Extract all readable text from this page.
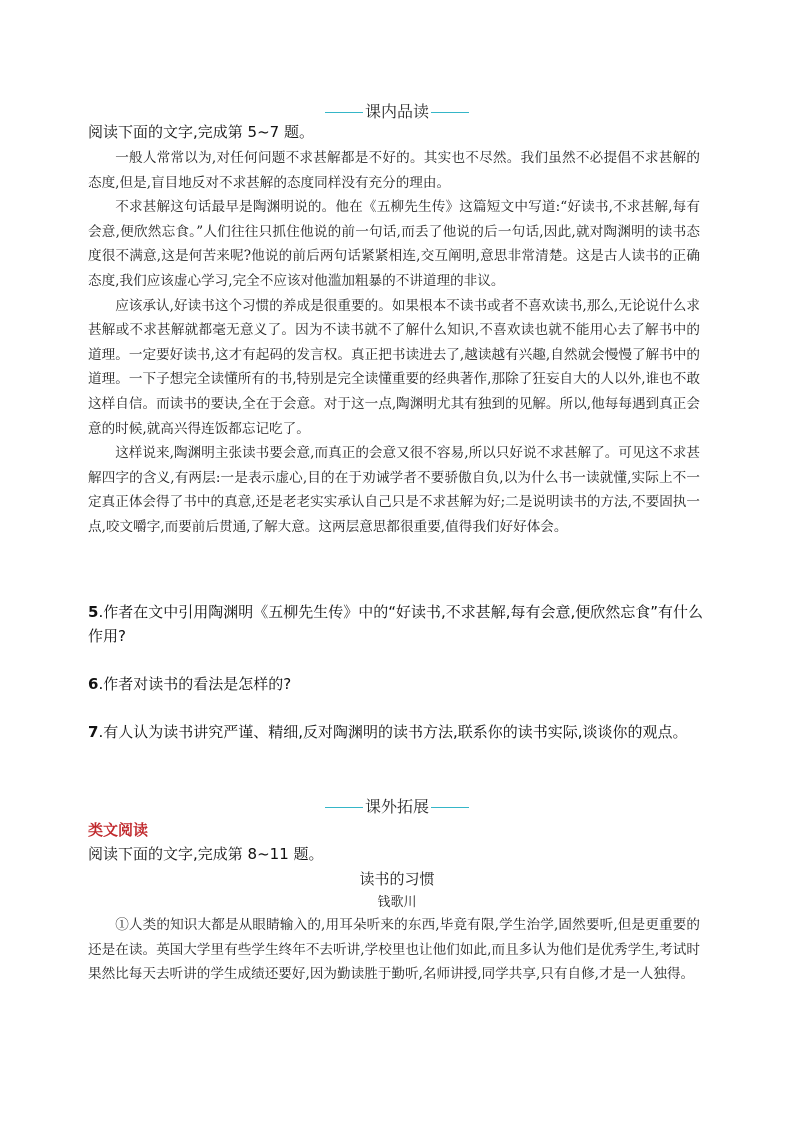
课内品读
阅读下面的文字,完成第 5~7 题。

一般人常常以为,对任何问题不求甚解都是不好的。其实也不尽然。我们虽然不必提倡不求甚解的态度,但是,盲目地反对不求甚解的态度同样没有充分的理由。

不求甚解这句话最早是陶渊明说的。他在《五柳先生传》这篇短文中写道:“好读书,不求甚解,每有会意,便欣然忘食。”人们往往只抓住他说的前一句话,而丢了他说的后一句话,因此,就对陶渊明的读书态度很不满意,这是何苦来呢?他说的前后两句话紧紧相连,交互阐明,意思非常清楚。这是古人读书的正确态度,我们应该虚心学习,完全不应该对他滥加粗暴的不讲道理的非议。

应该承认,好读书这个习惯的养成是很重要的。如果根本不读书或者不喜欢读书,那么,无论说什么求甚解或不求甚解就都毫无意义了。因为不读书就不了解什么知识,不喜欢读也就不能用心去了解书中的道理。一定要好读书,这才有起码的发言权。真正把书读进去了,越读越有兴趣,自然就会慢慢了解书中的道理。一下子想完全读懂所有的书,特别是完全读懂重要的经典著作,那除了狂妄自大的人以外,谁也不敢这样自信。而读书的要诀,全在于会意。对于这一点,陶渊明尤其有独到的见解。所以,他每每遇到真正会意的时候,就高兴得连饭都忘记吃了。

这样说来,陶渊明主张读书要会意,而真正的会意又很不容易,所以只好说不求甚解了。可见这不求甚解四字的含义,有两层:一是表示虚心,目的在于劝诫学者不要骄傲自负,以为什么书一读就懂,实际上不一定真正体会得了书中的真意,还是老老实实承认自己只是不求甚解为好;二是说明读书的方法,不要固执一点,咬文嚼字,而要前后贯通,了解大意。这两层意思都很重要,值得我们好好体会。

5.作者在文中引用陶渊明《五柳先生传》中的“好读书,不求甚解,每有会意,便欣然忘食”有什么作用?
6.作者对读书的看法是怎样的?
7.有人认为读书讲究严谨、精细,反对陶渊明的读书方法,联系你的读书实际,谈谈你的观点。
课外拓展
类文阅读
阅读下面的文字,完成第 8~11 题。
读书的习惯
钱歌川

①人类的知识大都是从眼睛输入的,用耳朵听来的东西,毕竟有限,学生治学,固然要听,但是更重要的还是在读。英国大学里有些学生终年不去听讲,学校里也让他们如此,而且多认为他们是优秀学生,考试时果然比每天去听讲的学生成绩还要好,因为勤读胜于勤听,名师讲授,同学共享,只有自修,才是一人独得。
